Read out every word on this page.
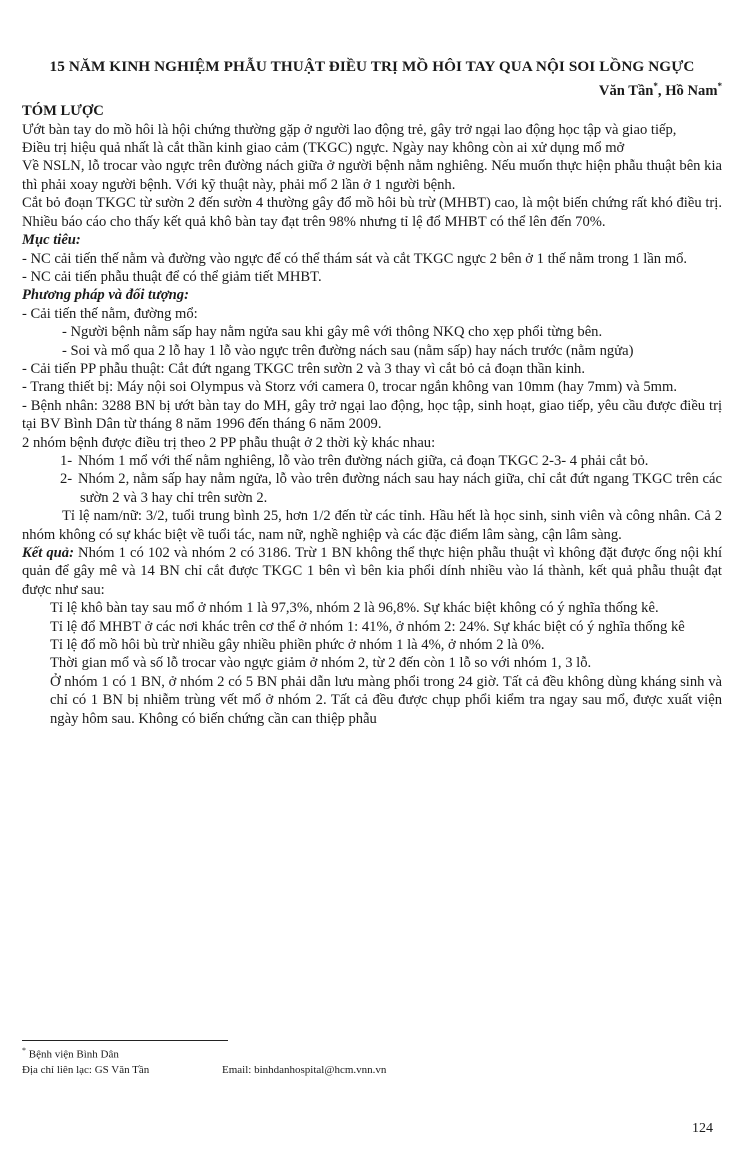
15 NĂM KINH NGHIỆM PHẪU THUẬT ĐIỀU TRỊ MỒ HÔI TAY QUA NỘI SOI LỒNG NGỰC
Văn Tần*, Hồ Nam*
TÓM LƯỢC

Ướt bàn tay do mồ hôi là hội chứng thường gặp ở người lao động trẻ, gây trở ngại lao động học tập và giao tiếp,

Điều trị hiệu quả nhất là cắt thần kinh giao cảm (TKGC) ngực. Ngày nay không còn ai xử dụng mổ mở

Về NSLN, lỗ trocar vào ngực trên đường nách giữa ở người bệnh nằm nghiêng. Nếu muốn thực hiện phẫu thuật bên kia thì phải xoay người bệnh. Với kỹ thuật này, phải mổ 2 lần ở 1 người bệnh.

Cắt bỏ đoạn TKGC từ sườn 2 đến sườn 4 thường gây đổ mồ hôi bù trừ (MHBT) cao, là một biến chứng rất khó điều trị. Nhiều báo cáo cho thấy kết quả khô bàn tay đạt trên 98% nhưng tỉ lệ đổ MHBT có thể lên đến 70%.

Mục tiêu:

- NC cải tiến thế nằm và đường vào ngực để có thể thám sát và cắt TKGC ngực 2 bên ở 1 thế nằm trong 1 lần mổ.

- NC cải tiến phẫu thuật để có thể giảm tiết MHBT.

Phương pháp và đối tượng:

- Cải tiến thế nằm, đường mổ:

- Người bệnh nằm sấp hay nằm ngửa sau khi gây mê với thông NKQ cho xẹp phổi từng bên.

- Soi và mổ qua 2 lỗ hay 1 lỗ vào ngực trên đường nách sau (nằm sấp) hay nách trước (nằm ngửa)

- Cải tiến PP phẫu thuật: Cắt đứt ngang TKGC trên sườn 2 và 3 thay vì cắt bỏ cả đoạn thần kinh.

- Trang thiết bị: Máy nội soi Olympus và Storz với camera 0, trocar ngắn không van 10mm (hay 7mm) và 5mm.

- Bệnh nhân: 3288 BN bị ướt bàn tay do MH, gây trở ngại lao động, học tập, sinh hoạt, giao tiếp, yêu cầu được điều trị tại BV Bình Dân từ tháng 8 năm 1996 đến tháng 6 năm 2009.

2 nhóm bệnh được điều trị theo 2 PP phẫu thuật ở 2 thời kỳ khác nhau:

1- Nhóm 1 mổ với thế nằm nghiêng, lỗ vào trên đường nách giữa, cả đoạn TKGC 2-3- 4 phải cắt bỏ.

2- Nhóm 2, nằm sấp hay nằm ngửa, lỗ vào trên đường nách sau hay nách giữa, chỉ cắt đứt ngang TKGC trên các sườn 2 và 3 hay chỉ trên sườn 2.

Tỉ lệ nam/nữ: 3/2, tuổi trung bình 25, hơn 1/2 đến từ các tỉnh. Hầu hết là học sinh, sinh viên và công nhân. Cả 2 nhóm không có sự khác biệt về tuổi tác, nam nữ, nghề nghiệp và các đặc điểm lâm sàng, cận lâm sàng.

Kết quả: Nhóm 1 có 102 và nhóm 2 có 3186. Trừ 1 BN không thể thực hiện phẫu thuật vì không đặt được ống nội khí quản để gây mê và 14 BN chỉ cắt được TKGC 1 bên vì bên kia phổi dính nhiều vào lá thành, kết quả phẫu thuật đạt được như sau:

Tỉ lệ khô bàn tay sau mổ ở nhóm 1 là 97,3%, nhóm 2 là 96,8%. Sự khác biệt không có ý nghĩa thống kê.

Tỉ lệ đổ MHBT ở các nơi khác trên cơ thể ở nhóm 1: 41%, ở nhóm 2: 24%. Sự khác biệt có ý nghĩa thống kê

Tỉ lệ đổ mồ hôi bù trừ nhiều gây nhiều phiền phức ở nhóm 1 là 4%, ở nhóm 2 là 0%.

Thời gian mổ và số lỗ trocar vào ngực giảm ở nhóm 2, từ 2 đến còn 1 lỗ so với nhóm 1, 3 lỗ.

Ở nhóm 1 có 1 BN, ở nhóm 2 có 5 BN phải dẫn lưu màng phổi trong 24 giờ. Tất cả đều không dùng kháng sinh và chỉ có 1 BN bị nhiễm trùng vết mổ ở nhóm 2. Tất cả đều được chụp phổi kiểm tra ngay sau mổ, được xuất viện ngày hôm sau. Không có biến chứng cần can thiệp phẫu

* Bệnh viện Bình Dân
Địa chỉ liên lạc: GS Văn Tần	Email: binhdanhospital@hcm.vnn.vn
124
